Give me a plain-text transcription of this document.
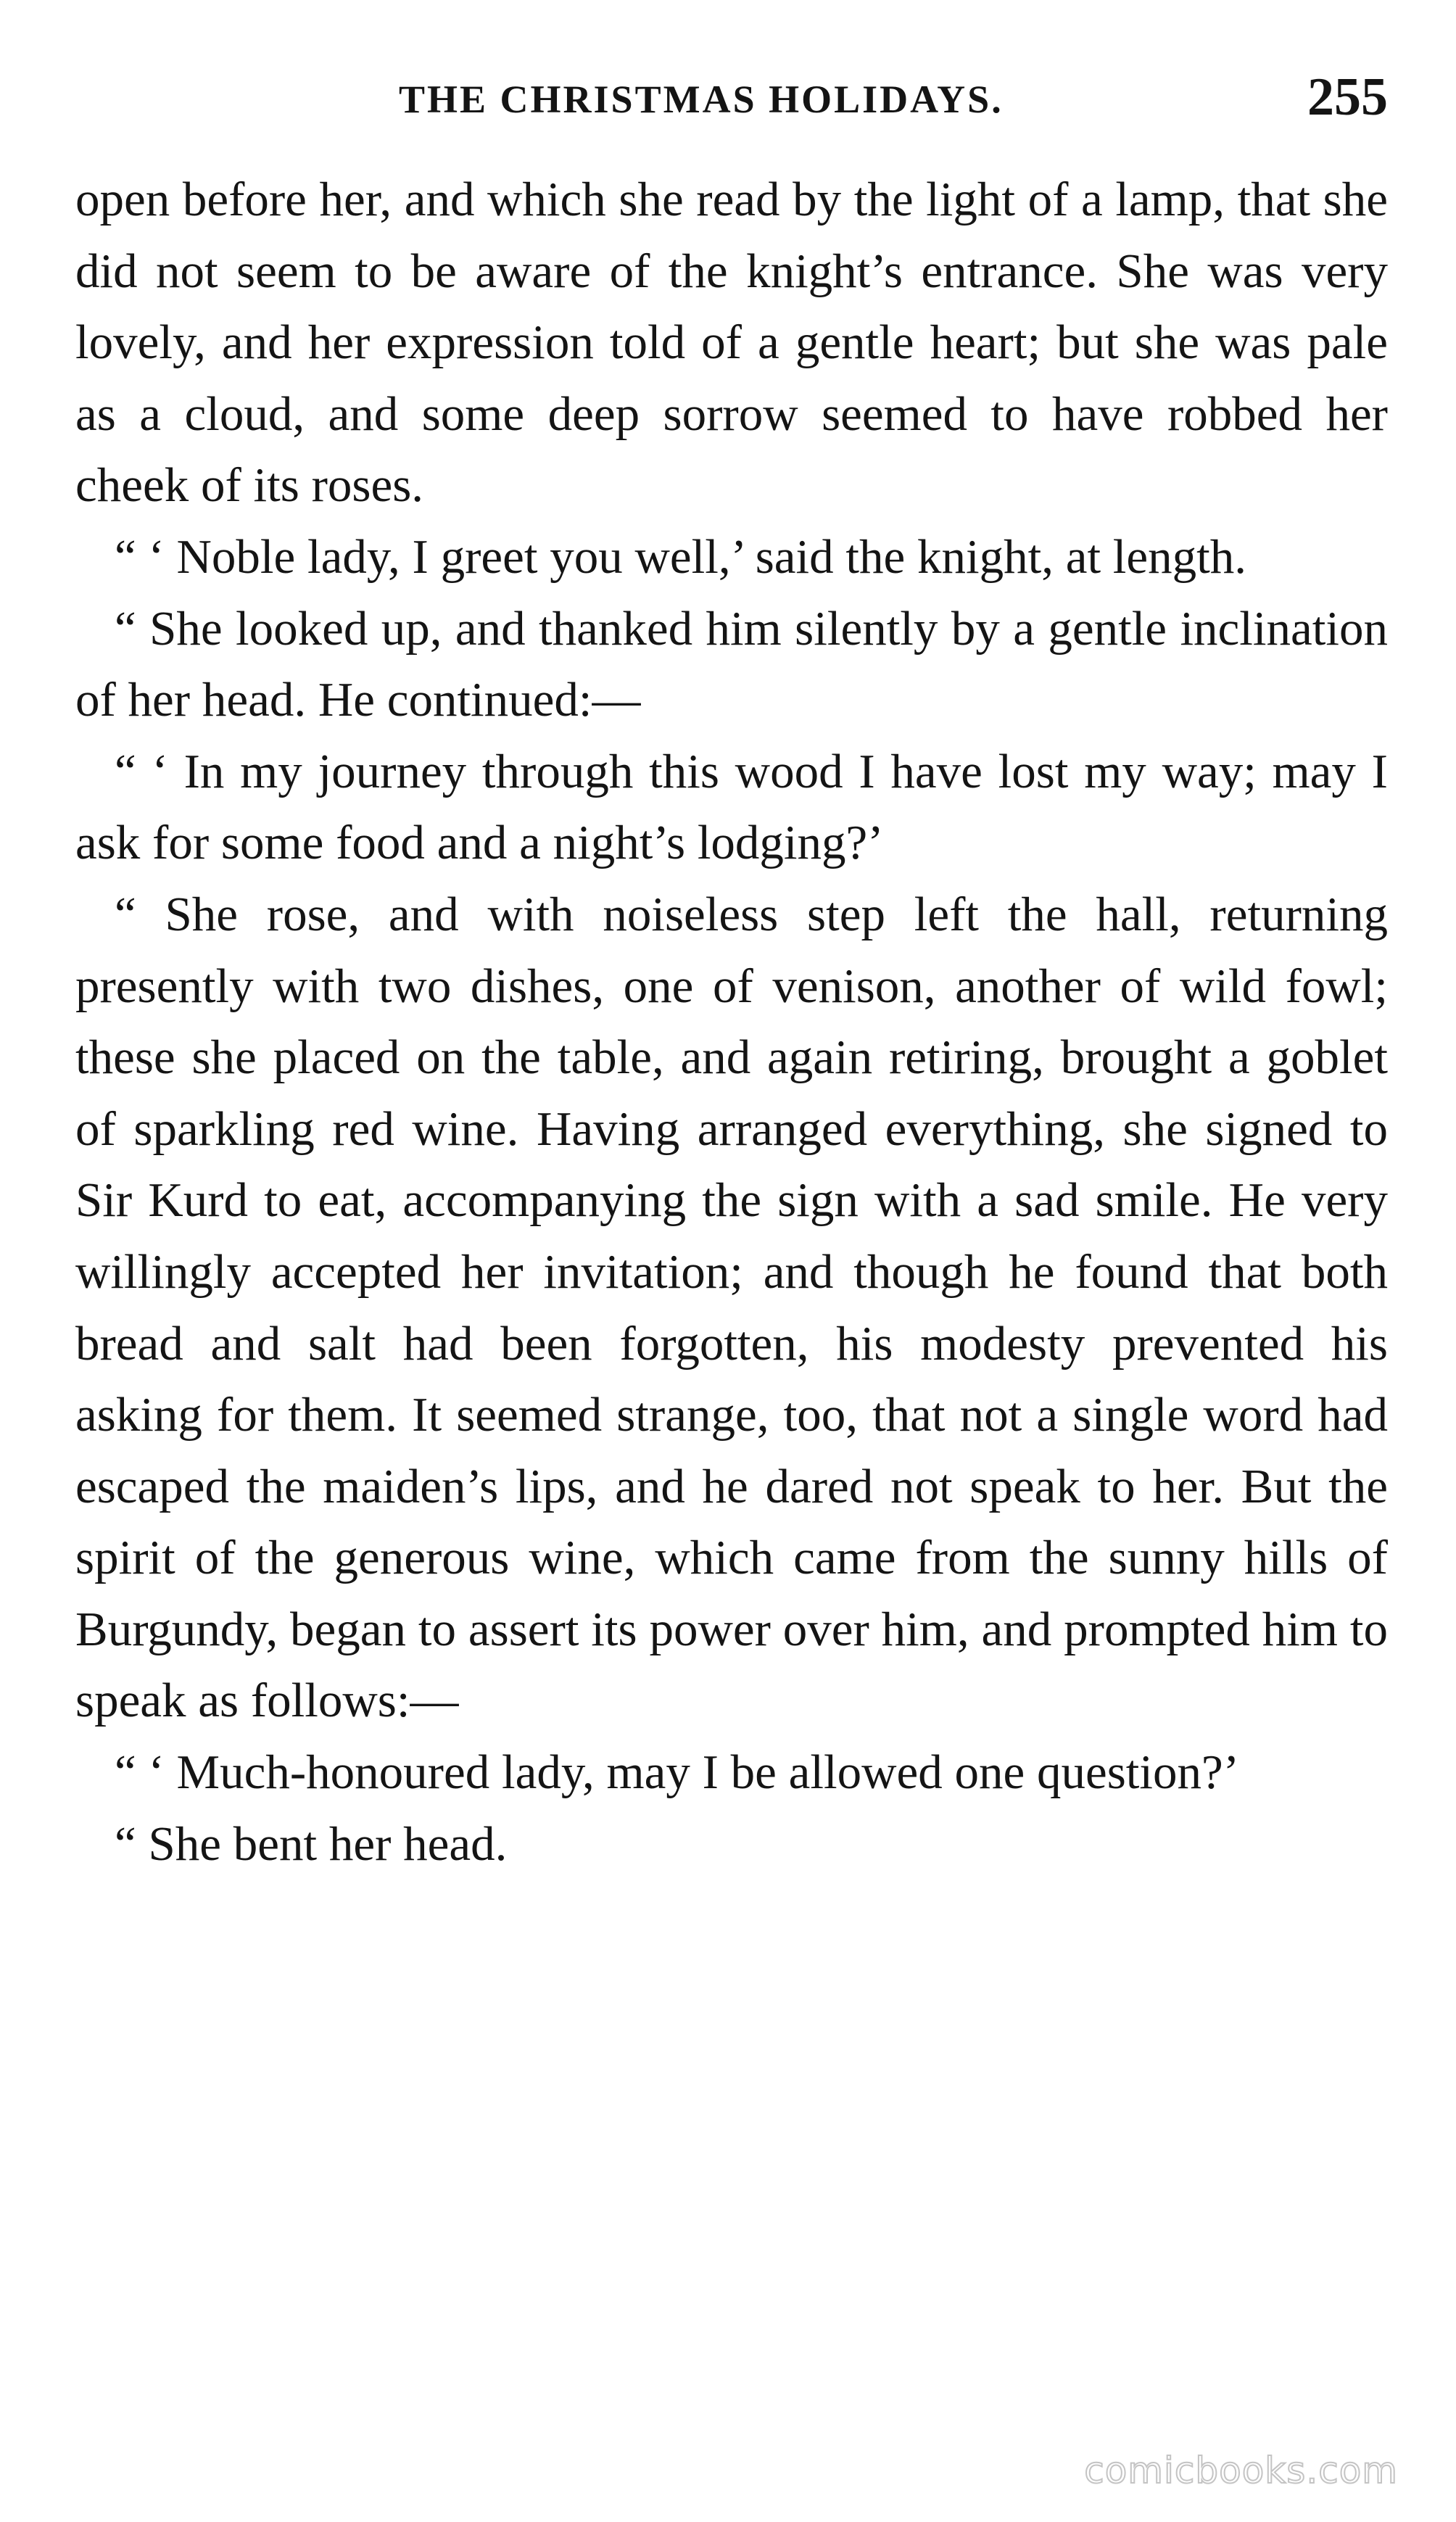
THE CHRISTMAS HOLIDAYS.	255

open before her, and which she read by the light of a lamp, that she did not seem to be aware of the knight’s entrance. She was very lovely, and her expression told of a gentle heart; but she was pale as a cloud, and some deep sorrow seemed to have robbed her cheek of its roses.

“ ‘ Noble lady, I greet you well,’ said the knight, at length.

“ She looked up, and thanked him silently by a gentle inclination of her head. He continued:—

“ ‘ In my journey through this wood I have lost my way; may I ask for some food and a night’s lodging?’

“ She rose, and with noiseless step left the hall, returning presently with two dishes, one of venison, another of wild fowl; these she placed on the table, and again retiring, brought a goblet of sparkling red wine. Having arranged everything, she signed to Sir Kurd to eat, accompanying the sign with a sad smile. He very willingly accepted her invitation; and though he found that both bread and salt had been forgotten, his modesty prevented his asking for them. It seemed strange, too, that not a single word had escaped the maiden’s lips, and he dared not speak to her. But the spirit of the generous wine, which came from the sunny hills of Burgundy, began to assert its power over him, and prompted him to speak as follows:—

“ ‘ Much-honoured lady, may I be allowed one question?’

“ She bent her head.

comicbooks.com
